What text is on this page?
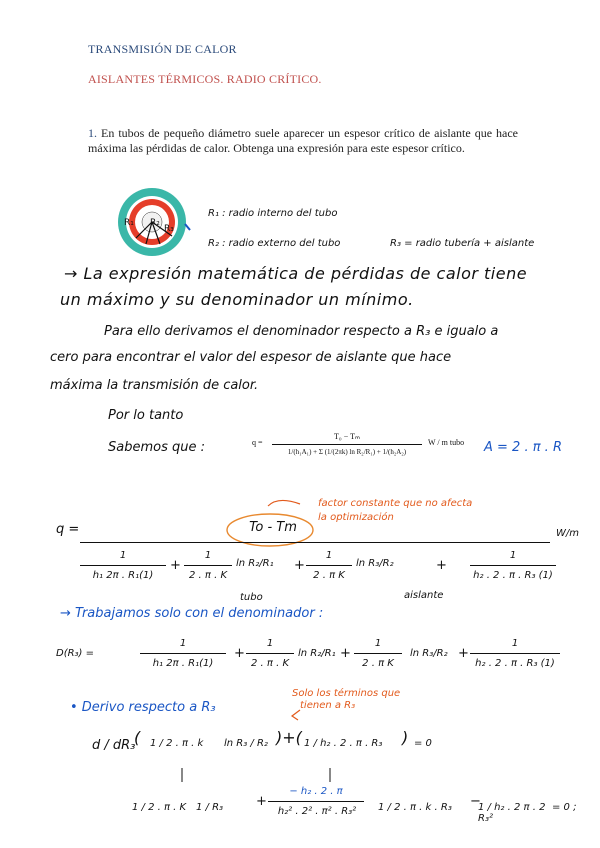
TRANSMISIÓN DE CALOR
AISLANTES TÉRMICOS. RADIO CRÍTICO.
1. En tubos de pequeño diámetro suele aparecer un espesor crítico de aislante que hace máxima las pérdidas de calor. Obtenga una expresión para este espesor crítico.
R₁ R₂
R₃
R₁ : radio interno del tubo
R₂ : radio externo del tubo	R₃ = radio tubería + aislante
→ La expresión matemática de pérdidas de calor tiene
un máximo y su denominador un mínimo.
Para ello derivamos el denominador respecto a R₃ e igualo a
cero para encontrar el valor del espesor de aislante que hace
máxima la transmisión de calor.
Por lo tanto
Sabemos que :	q =
T₀ − Tₘ
1/(h₁A₁) + Σ (1/(2πk) ln R₂/R₁) + 1/(h₂A₂)
W / m tubo A = 2 . π . R
factor constante que no afecta
la optimización
q =	To - Tm	W/m
1
h₁ 2π . R₁(1)
+
1
2 . π . K
ln R₂/R₁
tubo
+
1
2 . π K
ln R₃/R₂
aislante
+
1
h₂ . 2 . π . R₃ (1)
→ Trabajamos solo con el denominador :
D(R₃) =
1
h₁ 2π . R₁(1)
+
1
2 . π . K
ln R₂/R₁ +
1
2 . π K
ln R₃/R₂ +
1
h₂ . 2 . π . R₃ (1)
• Derivo respecto a R₃
Solo los términos que
tienen a R₃
d / dR₃
( 1 / 2 . π . k ln R₃ / R₂ )+( 1 / h₂ . 2 . π . R₃ ) = 0
1 / 2 . π . K 1 / R₃	+
− h₂ . 2 . π
h₂² . 2² . π² . R₃²	1 / 2 . π . k . R₃ −
1 / h₂ . 2 π . 2 R₃²
= 0 ;
